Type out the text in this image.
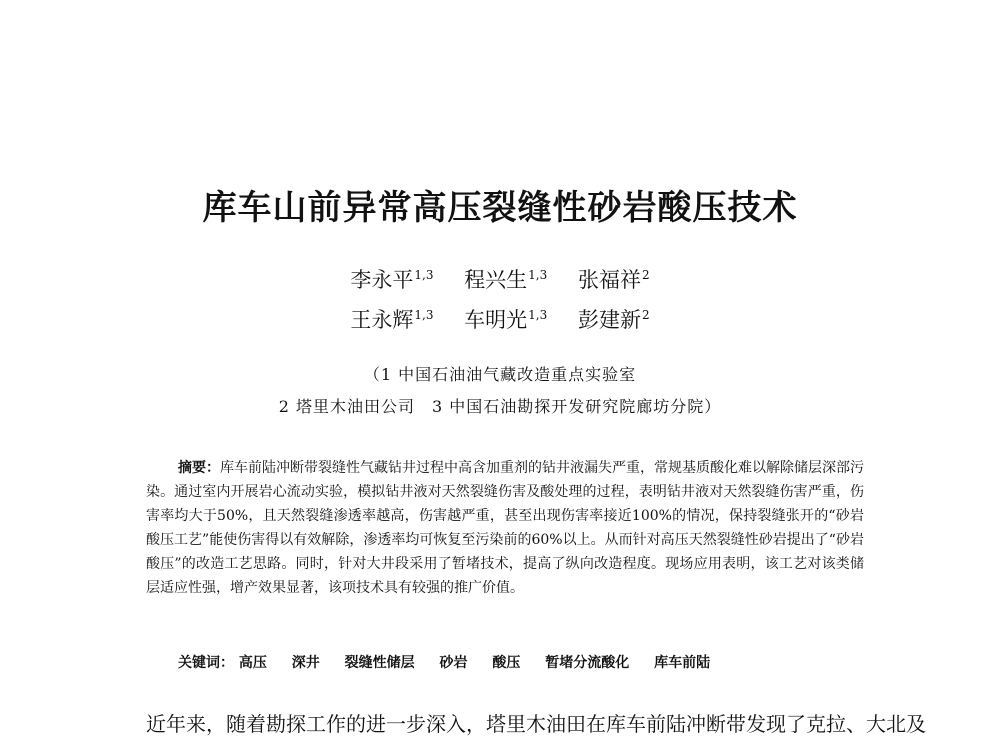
库车山前异常高压裂缝性砂岩酸压技术
李永平$^{1,3}$ 程兴生$^{1,3}$ 张福祥$^2$
王永辉$^{1,3}$ 车明光$^{1,3}$ 彭建新$^2$
（1 中国石油油气藏改造重点实验室
2 塔里木油田公司　3 中国石油勘探开发研究院廊坊分院）
摘要：库车前陆冲断带裂缝性气藏钻井过程中高含加重剂的钻井液漏失严重，常规基质酸化难以解除储层深部污染。通过室内开展岩心流动实验，模拟钻井液对天然裂缝伤害及酸处理的过程，表明钻井液对天然裂缝伤害严重，伤害率均大于50%，且天然裂缝渗透率越高，伤害越严重，甚至出现伤害率接近100%的情况，保持裂缝张开的“砂岩酸压工艺”能使伤害得以有效解除，渗透率均可恢复至污染前的60%以上。从而针对高压天然裂缝性砂岩提出了“砂岩酸压”的改造工艺思路。同时，针对大井段采用了暂堵技术，提高了纵向改造程度。现场应用表明，该工艺对该类储层适应性强，增产效果显著，该项技术具有较强的推广价值。
关键词： 高压 深井 裂缝性储层 砂岩 酸压 暂堵分流酸化 库车前陆
近年来，随着勘探工作的进一步深入，塔里木油田在库车前陆冲断带发现了克拉、大北及
